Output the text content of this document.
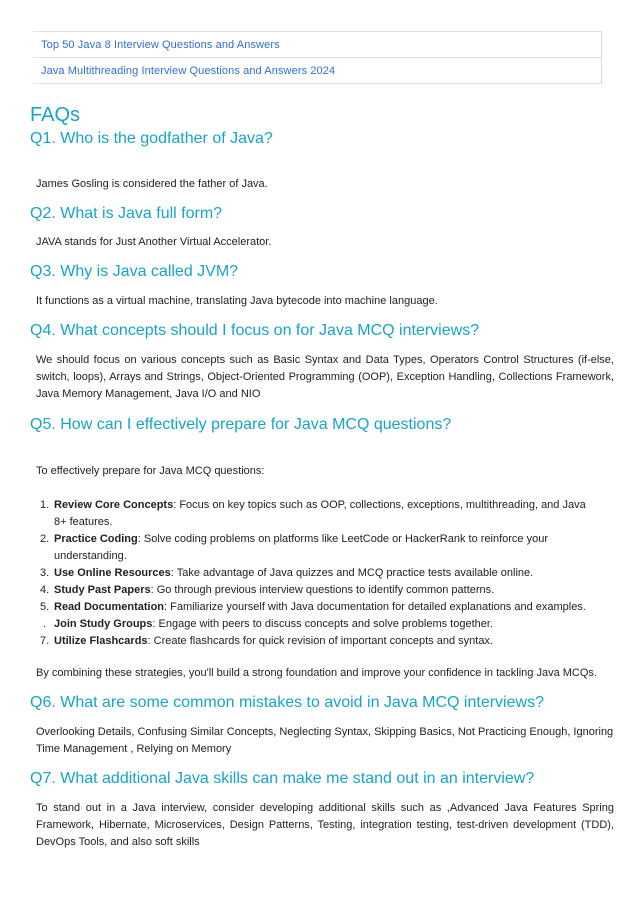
Top 50 Java 8 Interview Questions and Answers
Java Multithreading Interview Questions and Answers 2024
FAQs
Q1. Who is the godfather of Java?

James Gosling is considered the father of Java.

Q2. What is Java full form?

JAVA stands for Just Another Virtual Accelerator.

Q3. Why is Java called JVM?

It functions as a virtual machine, translating Java bytecode into machine language.

Q4. What concepts should I focus on for Java MCQ interviews?

We should focus on various concepts such as Basic Syntax and Data Types, Operators Control Structures (if-else, switch, loops), Arrays and Strings, Object-Oriented Programming (OOP), Exception Handling, Collections Framework, Java Memory Management, Java I/O and NIO

Q5. How can I effectively prepare for Java MCQ questions?

To effectively prepare for Java MCQ questions:

1. Review Core Concepts: Focus on key topics such as OOP, collections, exceptions, multithreading, and Java 8+ features.
2. Practice Coding: Solve coding problems on platforms like LeetCode or HackerRank to reinforce your understanding.
3. Use Online Resources: Take advantage of Java quizzes and MCQ practice tests available online.
4. Study Past Papers: Go through previous interview questions to identify common patterns.
5. Read Documentation: Familiarize yourself with Java documentation for detailed explanations and examples.
. Join Study Groups: Engage with peers to discuss concepts and solve problems together.
7. Utilize Flashcards: Create flashcards for quick revision of important concepts and syntax.

By combining these strategies, you'll build a strong foundation and improve your confidence in tackling Java MCQs.

Q6. What are some common mistakes to avoid in Java MCQ interviews?

Overlooking Details, Confusing Similar Concepts, Neglecting Syntax, Skipping Basics, Not Practicing Enough, Ignoring Time Management , Relying on Memory

Q7. What additional Java skills can make me stand out in an interview?

To stand out in a Java interview, consider developing additional skills such as ,Advanced Java Features Spring Framework, Hibernate, Microservices, Design Patterns, Testing, integration testing, test-driven development (TDD), DevOps Tools, and also soft skills
